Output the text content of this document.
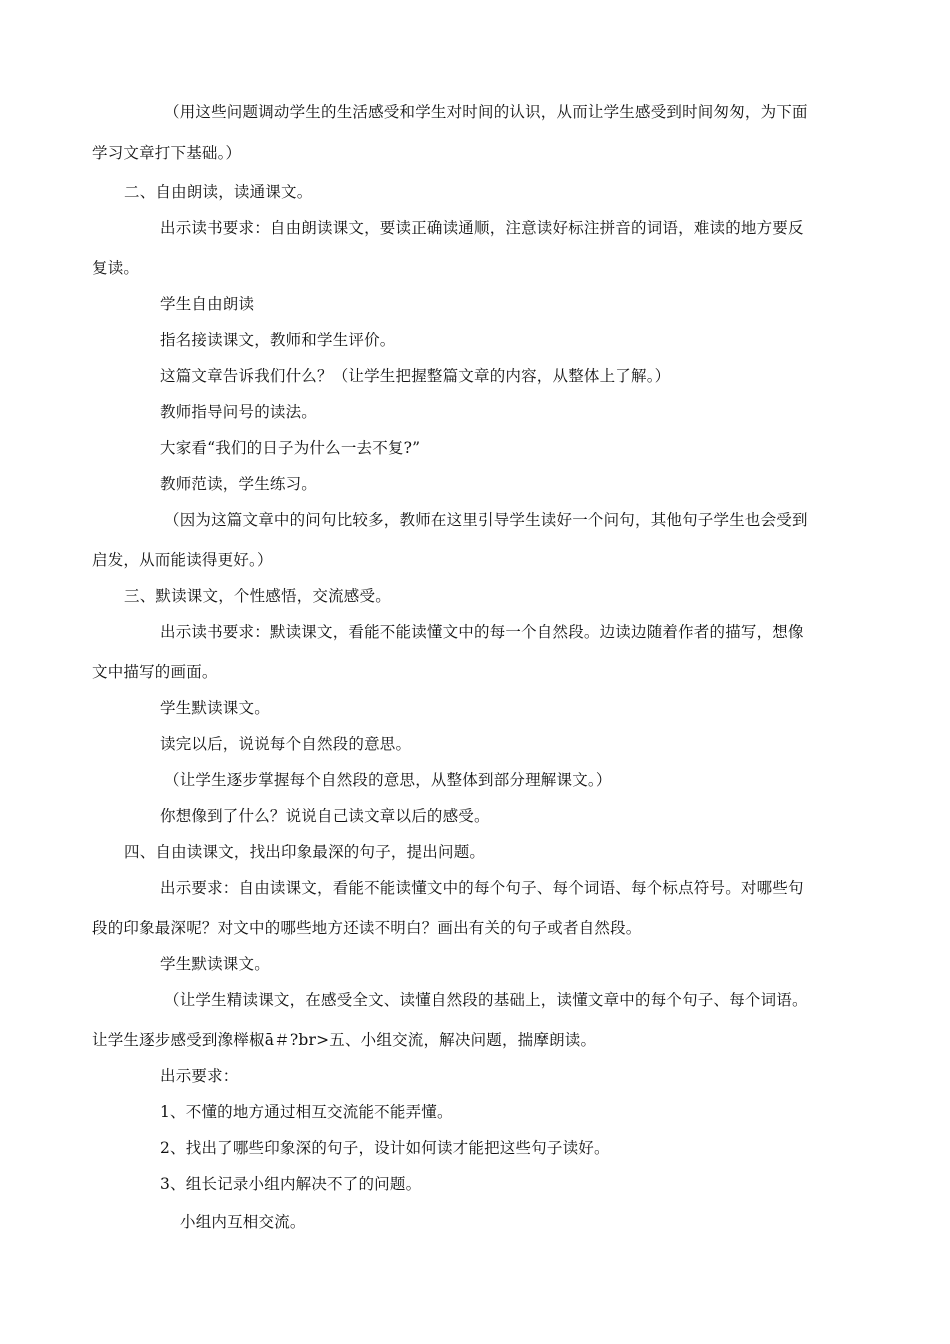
（用这些问题调动学生的生活感受和学生对时间的认识，从而让学生感受到时间匆匆，为下面
学习文章打下基础。）
二、自由朗读，读通课文。
出示读书要求：自由朗读课文，要读正确读通顺，注意读好标注拼音的词语，难读的地方要反
复读。
学生自由朗读
指名接读课文，教师和学生评价。
这篇文章告诉我们什么？（让学生把握整篇文章的内容，从整体上了解。）
教师指导问号的读法。
大家看“我们的日子为什么一去不复?”
教师范读，学生练习。
（因为这篇文章中的问句比较多，教师在这里引导学生读好一个问句，其他句子学生也会受到
启发，从而能读得更好。）
三、默读课文，个性感悟，交流感受。
出示读书要求：默读课文，看能不能读懂文中的每一个自然段。边读边随着作者的描写，想像
文中描写的画面。
学生默读课文。
读完以后，说说每个自然段的意思。
（让学生逐步掌握每个自然段的意思，从整体到部分理解课文。）
你想像到了什么？说说自己读文章以后的感受。
四、自由读课文，找出印象最深的句子，提出问题。
出示要求：自由读课文，看能不能读懂文中的每个句子、每个词语、每个标点符号。对哪些句
段的印象最深呢？对文中的哪些地方还读不明白？画出有关的句子或者自然段。
学生默读课文。
（让学生精读课文，在感受全文、读懂自然段的基础上，读懂文章中的每个句子、每个词语。
让学生逐步感受到潒榉椒ā＃?br>五、小组交流，解决问题，揣摩朗读。
出示要求：
1、不懂的地方通过相互交流能不能弄懂。
2、找出了哪些印象深的句子，设计如何读才能把这些句子读好。
3、组长记录小组内解决不了的问题。
小组内互相交流。
